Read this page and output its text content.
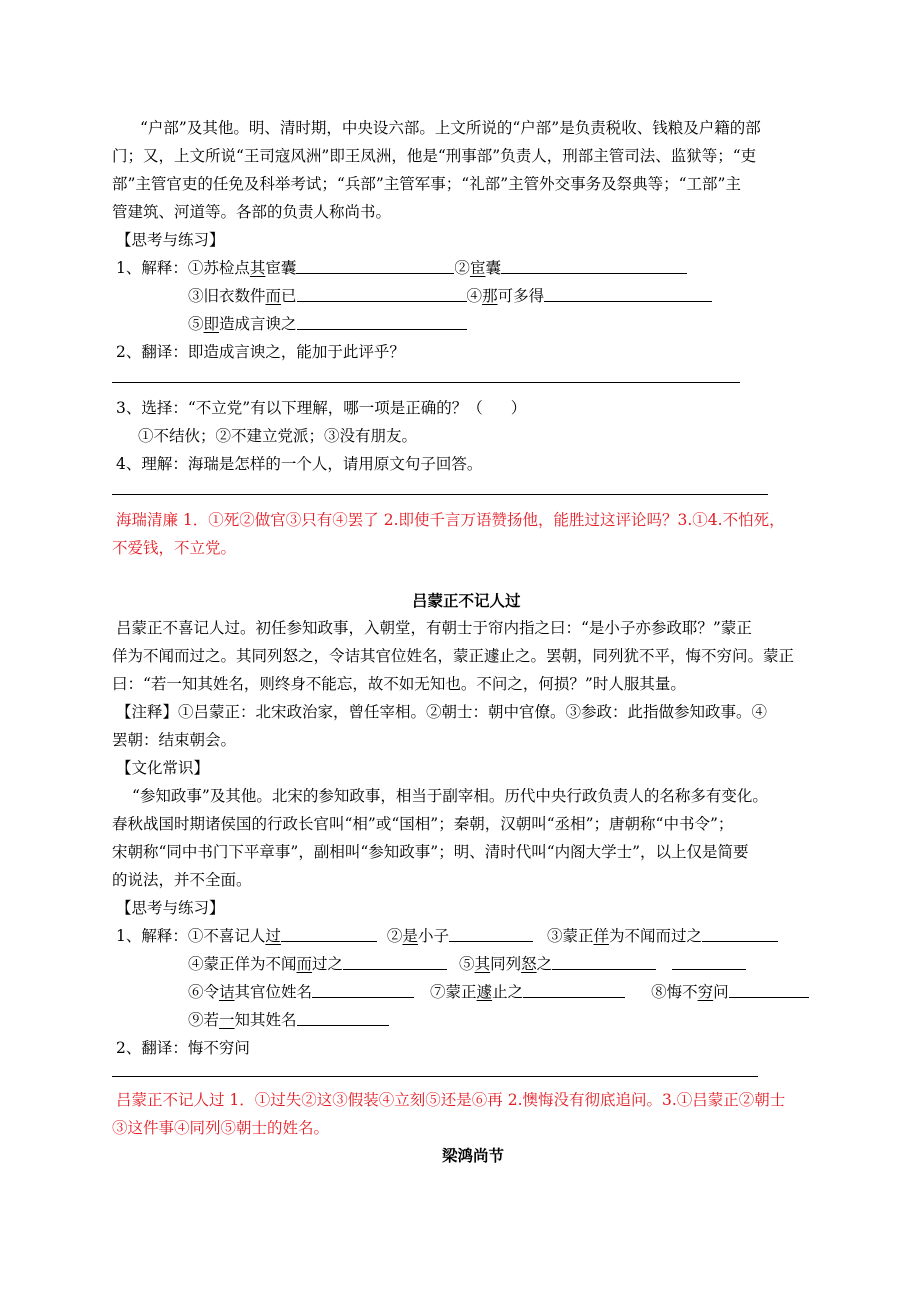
“户部”及其他。明、清时期，中央设六部。上文所说的“户部”是负责税收、钱粮及户籍的部
门；又，上文所说“王司寇风洲”即王凤洲，他是“刑事部”负责人，刑部主管司法、监狱等；“吏
部”主管官吏的任免及科举考试；“兵部”主管军事；“礼部”主管外交事务及祭典等；“工部”主
管建筑、河道等。各部的负责人称尚书。
【思考与练习】
1、解释：①苏检点其宦囊	②宦囊
③旧衣数件而已	④那可多得
⑤即造成言谀之
2、翻译：即造成言谀之，能加于此评乎？
3、选择：“不立党”有以下理解，哪一项是正确的？（ ）
①不结伙；②不建立党派；③没有朋友。
4、理解：海瑞是怎样的一个人，请用原文句子回答。
海瑞清廉 1．①死②做官③只有④罢了 2.即使千言万语赞扬他，能胜过这评论吗？3.①4.不怕死，
不爱钱，不立党。
吕蒙正不记人过
吕蒙正不喜记人过。初任参知政事，入朝堂，有朝士于帘内指之曰：“是小子亦参政耶？”蒙正
佯为不闻而过之。其同列怒之，令诘其官位姓名，蒙正遽止之。罢朝，同列犹不平，悔不穷问。蒙正
曰：“若一知其姓名，则终身不能忘，故不如无知也。不问之，何损？”时人服其量。
【注释】①吕蒙正：北宋政治家，曾任宰相。②朝士：朝中官僚。③参政：此指做参知政事。④
罢朝：结束朝会。
【文化常识】
“参知政事”及其他。北宋的参知政事，相当于副宰相。历代中央行政负责人的名称多有变化。
春秋战国时期诸侯国的行政长官叫“相”或“国相”；秦朝，汉朝叫“丞相”；唐朝称“中书令”；
宋朝称“同中书门下平章事”，副相叫“参知政事”；明、清时代叫“内阁大学士”，以上仅是简要
的说法，并不全面。
【思考与练习】
1、解释：①不喜记人过	②是小子	③蒙正佯为不闻而过之
④蒙正佯为不闻而过之	⑤其同列怒之
⑥令诘其官位姓名	⑦蒙正遽止之	⑧悔不穷问
⑨若一知其姓名
2、翻译：悔不穷问
吕蒙正不记人过 1．①过失②这③假装④立刻⑤还是⑥再 2.懊悔没有彻底追问。3.①吕蒙正②朝士
③这件事④同列⑤朝士的姓名。
梁鸿尚节
